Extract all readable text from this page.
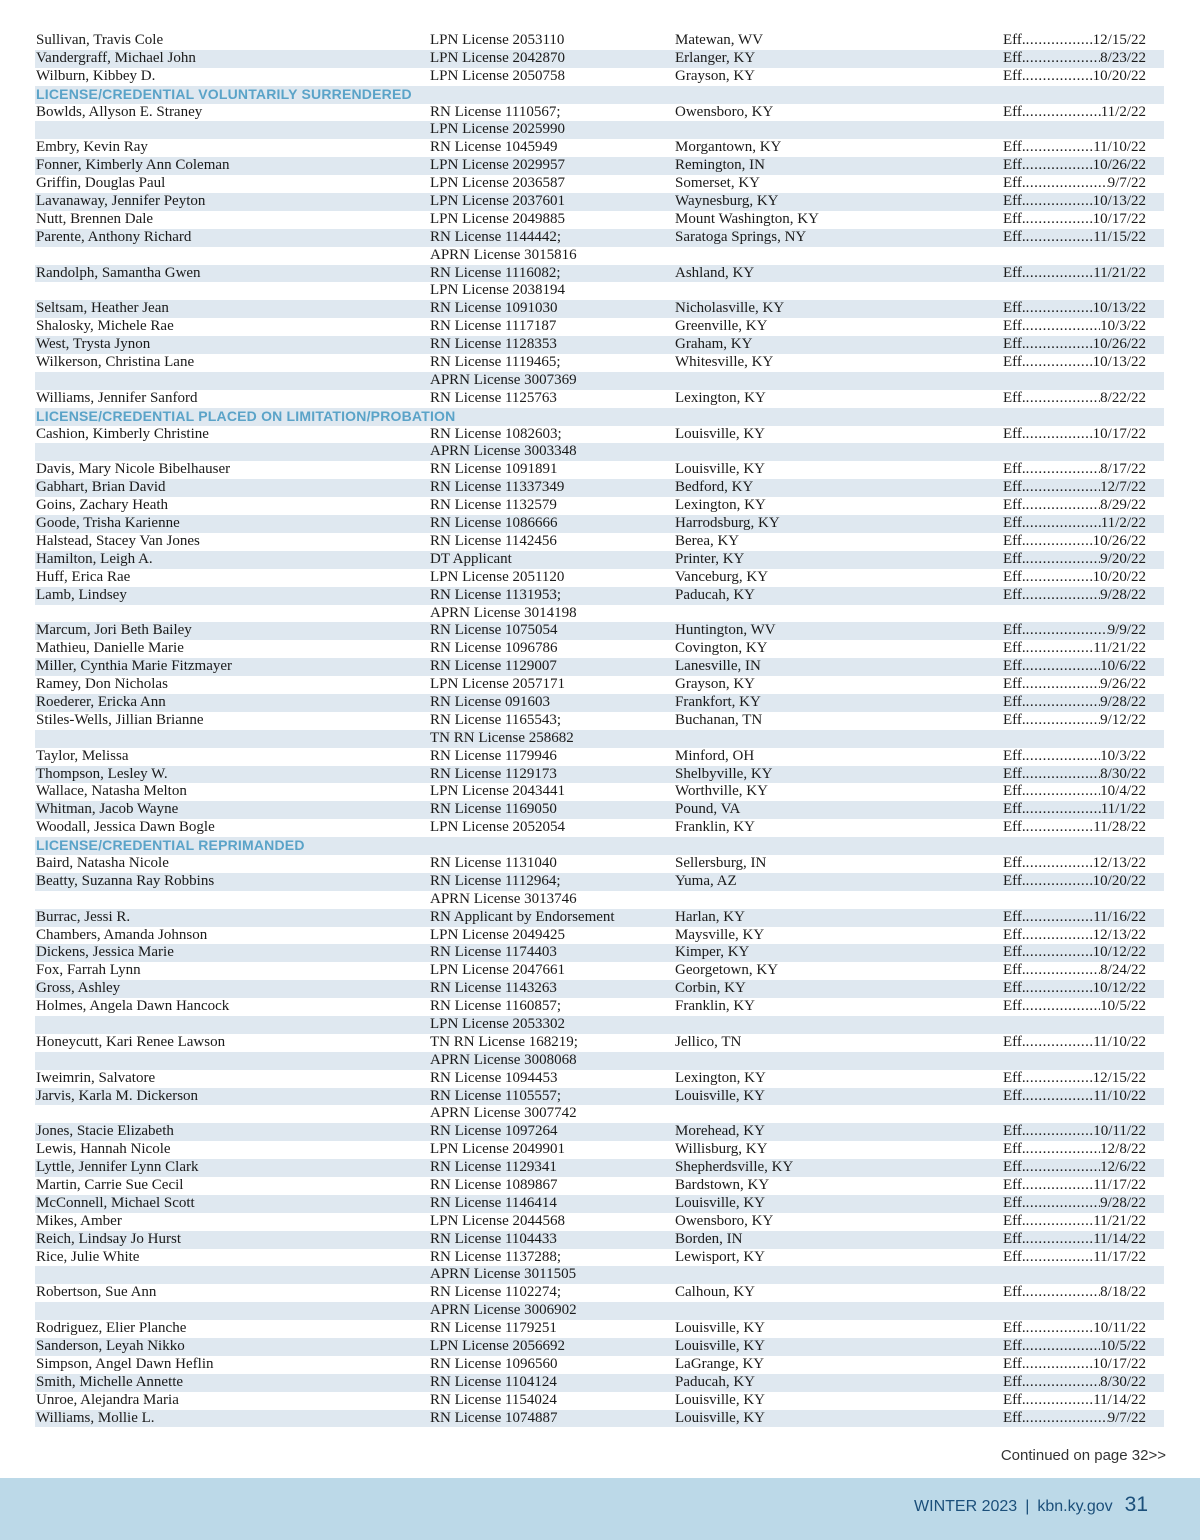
Sullivan, Travis Cole	LPN License 2053110	Matewan, WV	Eff. .....	12/15/22
Vandergraff, Michael John	LPN License 2042870	Erlanger, KY	Eff. .....	8/23/22
Wilburn, Kibbey D.	LPN License 2050758	Grayson, KY	Eff. .....	10/20/22
LICENSE/CREDENTIAL VOLUNTARILY SURRENDERED
Bowlds, Allyson E. Straney	RN License 1110567;	Owensboro, KY	Eff. .....	11/2/22
LPN License 2025990
Embry, Kevin Ray	RN License 1045949	Morgantown, KY	Eff. .....	11/10/22
Fonner, Kimberly Ann Coleman	LPN License 2029957	Remington, IN	Eff. .....	10/26/22
Griffin, Douglas Paul	LPN License 2036587	Somerset, KY	Eff. .....	9/7/22
Lavanaway, Jennifer Peyton	LPN License 2037601	Waynesburg, KY	Eff. .....	10/13/22
Nutt, Brennen Dale	LPN License 2049885	Mount Washington, KY	Eff. .....	10/17/22
Parente, Anthony Richard	RN License 1144442;	Saratoga Springs, NY	Eff. .....	11/15/22
APRN License 3015816
Randolph, Samantha Gwen	RN License 1116082;	Ashland, KY	Eff. .....	11/21/22
LPN License 2038194
Seltsam, Heather Jean	RN License 1091030	Nicholasville, KY	Eff. .....	10/13/22
Shalosky, Michele Rae	RN License 1117187	Greenville, KY	Eff. .....	10/3/22
West, Trysta Jynon	RN License 1128353	Graham, KY	Eff. .....	10/26/22
Wilkerson, Christina Lane	RN License 1119465;	Whitesville, KY	Eff. .....	10/13/22
APRN License 3007369
Williams, Jennifer Sanford	RN License 1125763	Lexington, KY	Eff. .....	8/22/22
LICENSE/CREDENTIAL PLACED ON LIMITATION/PROBATION
Cashion, Kimberly Christine	RN License 1082603;	Louisville, KY	Eff. .....	10/17/22
APRN License 3003348
Davis, Mary Nicole Bibelhauser	RN License 1091891	Louisville, KY	Eff. .....	8/17/22
Gabhart, Brian David	RN License 11337349	Bedford, KY	Eff. .....	12/7/22
Goins, Zachary Heath	RN License 1132579	Lexington, KY	Eff. .....	8/29/22
Goode, Trisha Karienne	RN License 1086666	Harrodsburg, KY	Eff. .....	11/2/22
Halstead, Stacey Van Jones	RN License 1142456	Berea, KY	Eff. .....	10/26/22
Hamilton, Leigh A.	DT Applicant	Printer, KY	Eff. .....	9/20/22
Huff, Erica Rae	LPN License 2051120	Vanceburg, KY	Eff. .....	10/20/22
Lamb, Lindsey	RN License 1131953;	Paducah, KY	Eff. .....	9/28/22
APRN License 3014198
Marcum, Jori Beth Bailey	RN License 1075054	Huntington, WV	Eff. .....	9/9/22
Mathieu, Danielle Marie	RN License 1096786	Covington, KY	Eff. .....	11/21/22
Miller, Cynthia Marie Fitzmayer	RN License 1129007	Lanesville, IN	Eff. .....	10/6/22
Ramey, Don Nicholas	LPN License 2057171	Grayson, KY	Eff. .....	9/26/22
Roederer, Ericka Ann	RN License 091603	Frankfort, KY	Eff. .....	9/28/22
Stiles-Wells, Jillian Brianne	RN License 1165543;	Buchanan, TN	Eff. .....	9/12/22
TN RN License 258682
Taylor, Melissa	RN License 1179946	Minford, OH	Eff. .....	10/3/22
Thompson, Lesley W.	RN License 1129173	Shelbyville, KY	Eff. .....	8/30/22
Wallace, Natasha Melton	LPN License 2043441	Worthville, KY	Eff. .....	10/4/22
Whitman, Jacob Wayne	RN License 1169050	Pound, VA	Eff. .....	11/1/22
Woodall, Jessica Dawn Bogle	LPN License 2052054	Franklin, KY	Eff. .....	11/28/22
LICENSE/CREDENTIAL REPRIMANDED
Baird, Natasha Nicole	RN License 1131040	Sellersburg, IN	Eff. .....	12/13/22
Beatty, Suzanna Ray Robbins	RN License 1112964;	Yuma, AZ	Eff. .....	10/20/22
APRN License 3013746
Burrac, Jessi R.	RN Applicant by Endorsement	Harlan, KY	Eff. .....	11/16/22
Chambers, Amanda Johnson	LPN License 2049425	Maysville, KY	Eff. .....	12/13/22
Dickens, Jessica Marie	RN License 1174403	Kimper, KY	Eff. .....	10/12/22
Fox, Farrah Lynn	LPN License 2047661	Georgetown, KY	Eff. .....	8/24/22
Gross, Ashley	RN License 1143263	Corbin, KY	Eff. .....	10/12/22
Holmes, Angela Dawn Hancock	RN License 1160857;	Franklin, KY	Eff. .....	10/5/22
LPN License 2053302
Honeycutt, Kari Renee Lawson	TN RN License 168219;	Jellico, TN	Eff. .....	11/10/22
APRN License 3008068
Iweimrin, Salvatore	RN License 1094453	Lexington, KY	Eff. .....	12/15/22
Jarvis, Karla M. Dickerson	RN License 1105557;	Louisville, KY	Eff. .....	11/10/22
APRN License 3007742
Jones, Stacie Elizabeth	RN License 1097264	Morehead, KY	Eff. .....	10/11/22
Lewis, Hannah Nicole	LPN License 2049901	Willisburg, KY	Eff. .....	12/8/22
Lyttle, Jennifer Lynn Clark	RN License 1129341	Shepherdsville, KY	Eff. .....	12/6/22
Martin, Carrie Sue Cecil	RN License 1089867	Bardstown, KY	Eff. .....	11/17/22
McConnell, Michael Scott	RN License 1146414	Louisville, KY	Eff. .....	9/28/22
Mikes, Amber	LPN License 2044568	Owensboro, KY	Eff. .....	11/21/22
Reich, Lindsay Jo Hurst	RN License 1104433	Borden, IN	Eff. .....	11/14/22
Rice, Julie White	RN License 1137288;	Lewisport, KY	Eff. .....	11/17/22
APRN License 3011505
Robertson, Sue Ann	RN License 1102274;	Calhoun, KY	Eff. .....	8/18/22
APRN License 3006902
Rodriguez, Elier Planche	RN License 1179251	Louisville, KY	Eff. .....	10/11/22
Sanderson, Leyah Nikko	LPN License 2056692	Louisville, KY	Eff. .....	10/5/22
Simpson, Angel Dawn Heflin	RN License 1096560	LaGrange, KY	Eff. .....	10/17/22
Smith, Michelle Annette	RN License 1104124	Paducah, KY	Eff. .....	8/30/22
Unroe, Alejandra Maria	RN License 1154024	Louisville, KY	Eff. .....	11/14/22
Williams, Mollie L.	RN License 1074887	Louisville, KY	Eff. .....	9/7/22
Continued on page 32>>
WINTER 2023 | kbn.ky.gov 31
